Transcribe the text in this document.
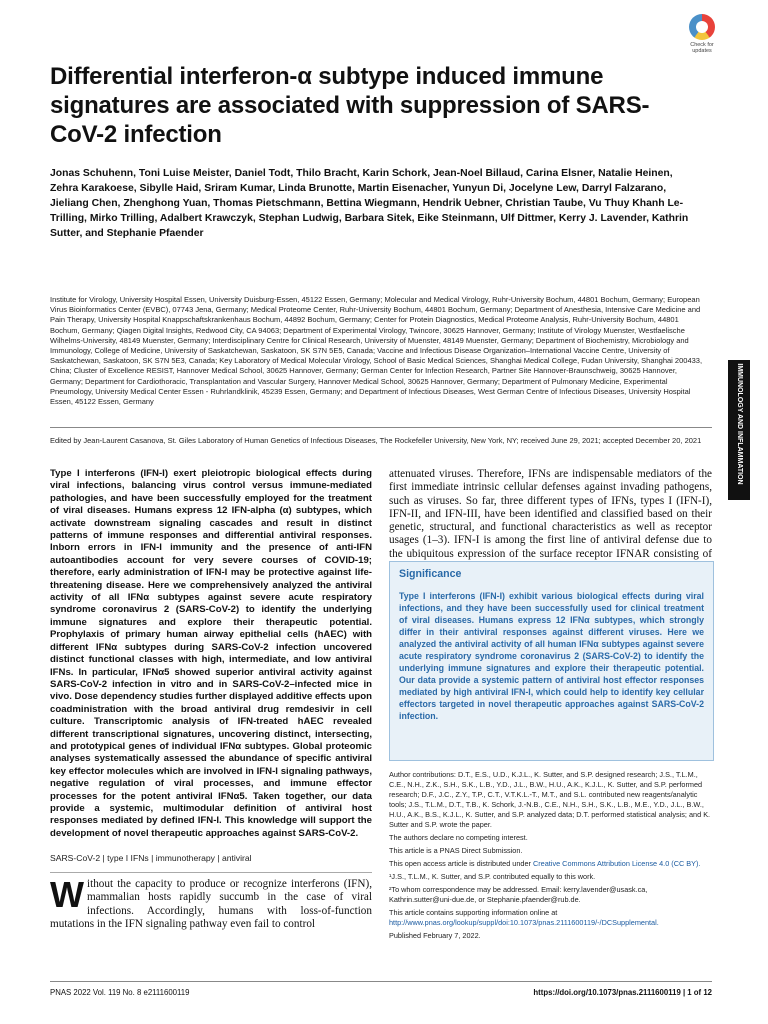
Check for
updates
Differential interferon-α subtype induced immune signatures are associated with suppression of SARS-CoV-2 infection
Jonas Schuhenn, Toni Luise Meister, Daniel Todt, Thilo Bracht, Karin Schork, Jean-Noel Billaud, Carina Elsner, Natalie Heinen, Zehra Karakoese, Sibylle Haid, Sriram Kumar, Linda Brunotte, Martin Eisenacher, Yunyun Di, Jocelyne Lew, Darryl Falzarano, Jieliang Chen, Zhenghong Yuan, Thomas Pietschmann, Bettina Wiegmann, Hendrik Uebner, Christian Taube, Vu Thuy Khanh Le-Trilling, Mirko Trilling, Adalbert Krawczyk, Stephan Ludwig, Barbara Sitek, Eike Steinmann, Ulf Dittmer, Kerry J. Lavender, Kathrin Sutter, and Stephanie Pfaender
Institute for Virology, University Hospital Essen, University Duisburg-Essen, 45122 Essen, Germany; Molecular and Medical Virology, Ruhr-University Bochum, 44801 Bochum, Germany; European Virus Bioinformatics Center (EVBC), 07743 Jena, Germany; Medical Proteome Center, Ruhr-University Bochum, 44801 Bochum, Germany; Department of Anesthesia, Intensive Care Medicine and Pain Therapy, University Hospital Knappschaftskrankenhaus Bochum, 44892 Bochum, Germany; Center for Protein Diagnostics, Medical Proteome Analysis, Ruhr-University Bochum, 44801 Bochum, Germany; Qiagen Digital Insights, Redwood City, CA 94063; Department of Experimental Virology, Twincore, 30625 Hannover, Germany; Institute of Virology Muenster, Westfaelische Wilhelms-University, 48149 Muenster, Germany; Interdisciplinary Centre for Clinical Research, University of Muenster, 48149 Muenster, Germany; Department of Biochemistry, Microbiology and Immunology, College of Medicine, University of Saskatchewan, Saskatoon, SK S7N 5E5, Canada; Vaccine and Infectious Disease Organization–International Vaccine Centre, University of Saskatchewan, Saskatoon, SK S7N 5E3, Canada; Key Laboratory of Medical Molecular Virology, School of Basic Medical Sciences, Shanghai Medical College, Fudan University, Shanghai 200433, China; Cluster of Excellence RESIST, Hannover Medical School, 30625 Hannover, Germany; German Center for Infection Research, Partner Site Hannover-Braunschweig, 30625 Hannover, Germany; Department for Cardiothoracic, Transplantation and Vascular Surgery, Hannover Medical School, 30625 Hannover, Germany; Department of Pulmonary Medicine, Experimental Pneumology, University Medical Center Essen - Ruhrlandklinik, 45239 Essen, Germany; and Department of Infectious Diseases, West German Centre of Infectious Diseases, University Hospital Essen, 45122 Essen, Germany
Edited by Jean-Laurent Casanova, St. Giles Laboratory of Human Genetics of Infectious Diseases, The Rockefeller University, New York, NY; received June 29, 2021; accepted December 20, 2021
Type I interferons (IFN-I) exert pleiotropic biological effects during viral infections, balancing virus control versus immune-mediated pathologies, and have been successfully employed for the treatment of viral diseases. Humans express 12 IFN-alpha (α) subtypes, which activate downstream signaling cascades and result in distinct patterns of immune responses and differential antiviral responses. Inborn errors in IFN-I immunity and the presence of anti-IFN autoantibodies account for very severe courses of COVID-19; therefore, early administration of IFN-I may be protective against life-threatening disease. Here we comprehensively analyzed the antiviral activity of all IFNα subtypes against severe acute respiratory syndrome coronavirus 2 (SARS-CoV-2) to identify the underlying immune signatures and explore their therapeutic potential. Prophylaxis of primary human airway epithelial cells (hAEC) with different IFNα subtypes during SARS-CoV-2 infection uncovered distinct functional classes with high, intermediate, and low antiviral IFNs. In particular, IFNα5 showed superior antiviral activity against SARS-CoV-2 infection in vitro and in SARS-CoV-2–infected mice in vivo. Dose dependency studies further displayed additive effects upon coadministration with the broad antiviral drug remdesivir in cell culture. Transcriptomic analysis of IFN-treated hAEC revealed different transcriptional signatures, uncovering distinct, intersecting, and prototypical genes of individual IFNα subtypes. Global proteomic analyses systematically assessed the abundance of specific antiviral key effector molecules which are involved in IFN-I signaling pathways, negative regulation of viral processes, and immune effector processes for the potent antiviral IFNα5. Taken together, our data provide a systemic, multimodular definition of antiviral host responses mediated by defined IFN-I. This knowledge will support the development of novel therapeutic approaches against SARS-CoV-2.
SARS-CoV-2 | type I IFNs | immunotherapy | antiviral
Without the capacity to produce or recognize interferons (IFN), mammalian hosts rapidly succumb in the case of viral infections. Accordingly, humans with loss-of-function mutations in the IFN signaling pathway even fail to control
attenuated viruses. Therefore, IFNs are indispensable mediators of the first immediate intrinsic cellular defenses against invading pathogens, such as viruses. So far, three different types of IFNs, types I (IFN-I), IFN-II, and IFN-III, have been identified and classified based on their genetic, structural, and functional characteristics as well as receptor usages (1–3). IFN-I is among the first line of antiviral defense due to the ubiquitous expression of the surface receptor IFNAR consisting of
Significance

Type I interferons (IFN-I) exhibit various biological effects during viral infections, and they have been successfully used for clinical treatment of viral diseases. Humans express 12 IFNα subtypes, which strongly differ in their antiviral responses against different viruses. Here we analyzed the antiviral activity of all human IFNα subtypes against severe acute respiratory syndrome coronavirus 2 (SARS-CoV-2) to identify the underlying immune signatures and explore their therapeutic potential. Our data provide a systemic pattern of antiviral host effector responses mediated by high antiviral IFN-I, which could help to identify key cellular effectors targeted in novel therapeutic approaches against SARS-CoV-2 infection.

Author contributions: D.T., E.S., U.D., K.J.L., K. Sutter, and S.P. designed research; J.S., T.L.M., C.E., N.H., Z.K., S.H., S.K., L.B., Y.D., J.L., B.W., H.U., A.K., K.J.L., K. Sutter, and S.P. performed research; D.F., J.C., Z.Y., T.P., C.T., V.T.K.L.-T., M.T., and S.L. contributed new reagents/analytic tools; J.S., T.L.M., D.T., T.B., K. Schork, J.-N.B., C.E., N.H., S.H., S.K., L.B., M.E., Y.D., J.L., B.W., H.U., A.K., B.S., K.J.L., K. Sutter, and S.P. analyzed data; D.T. performed statistical analysis; and K. Sutter and S.P. wrote the paper.
The authors declare no competing interest.
This article is a PNAS Direct Submission.
This open access article is distributed under Creative Commons Attribution License 4.0 (CC BY).
¹J.S., T.L.M., K. Sutter, and S.P. contributed equally to this work.
²To whom correspondence may be addressed. Email: kerry.lavender@usask.ca, Kathrin.sutter@uni-due.de, or Stephanie.pfaender@rub.de.
This article contains supporting information online at http://www.pnas.org/lookup/suppl/doi:10.1073/pnas.2111600119/-/DCSupplemental.
Published February 7, 2022.
IMMUNOLOGY AND INFLAMMATION
PNAS 2022 Vol. 119 No. 8 e2111600119	https://doi.org/10.1073/pnas.2111600119 | 1 of 12
